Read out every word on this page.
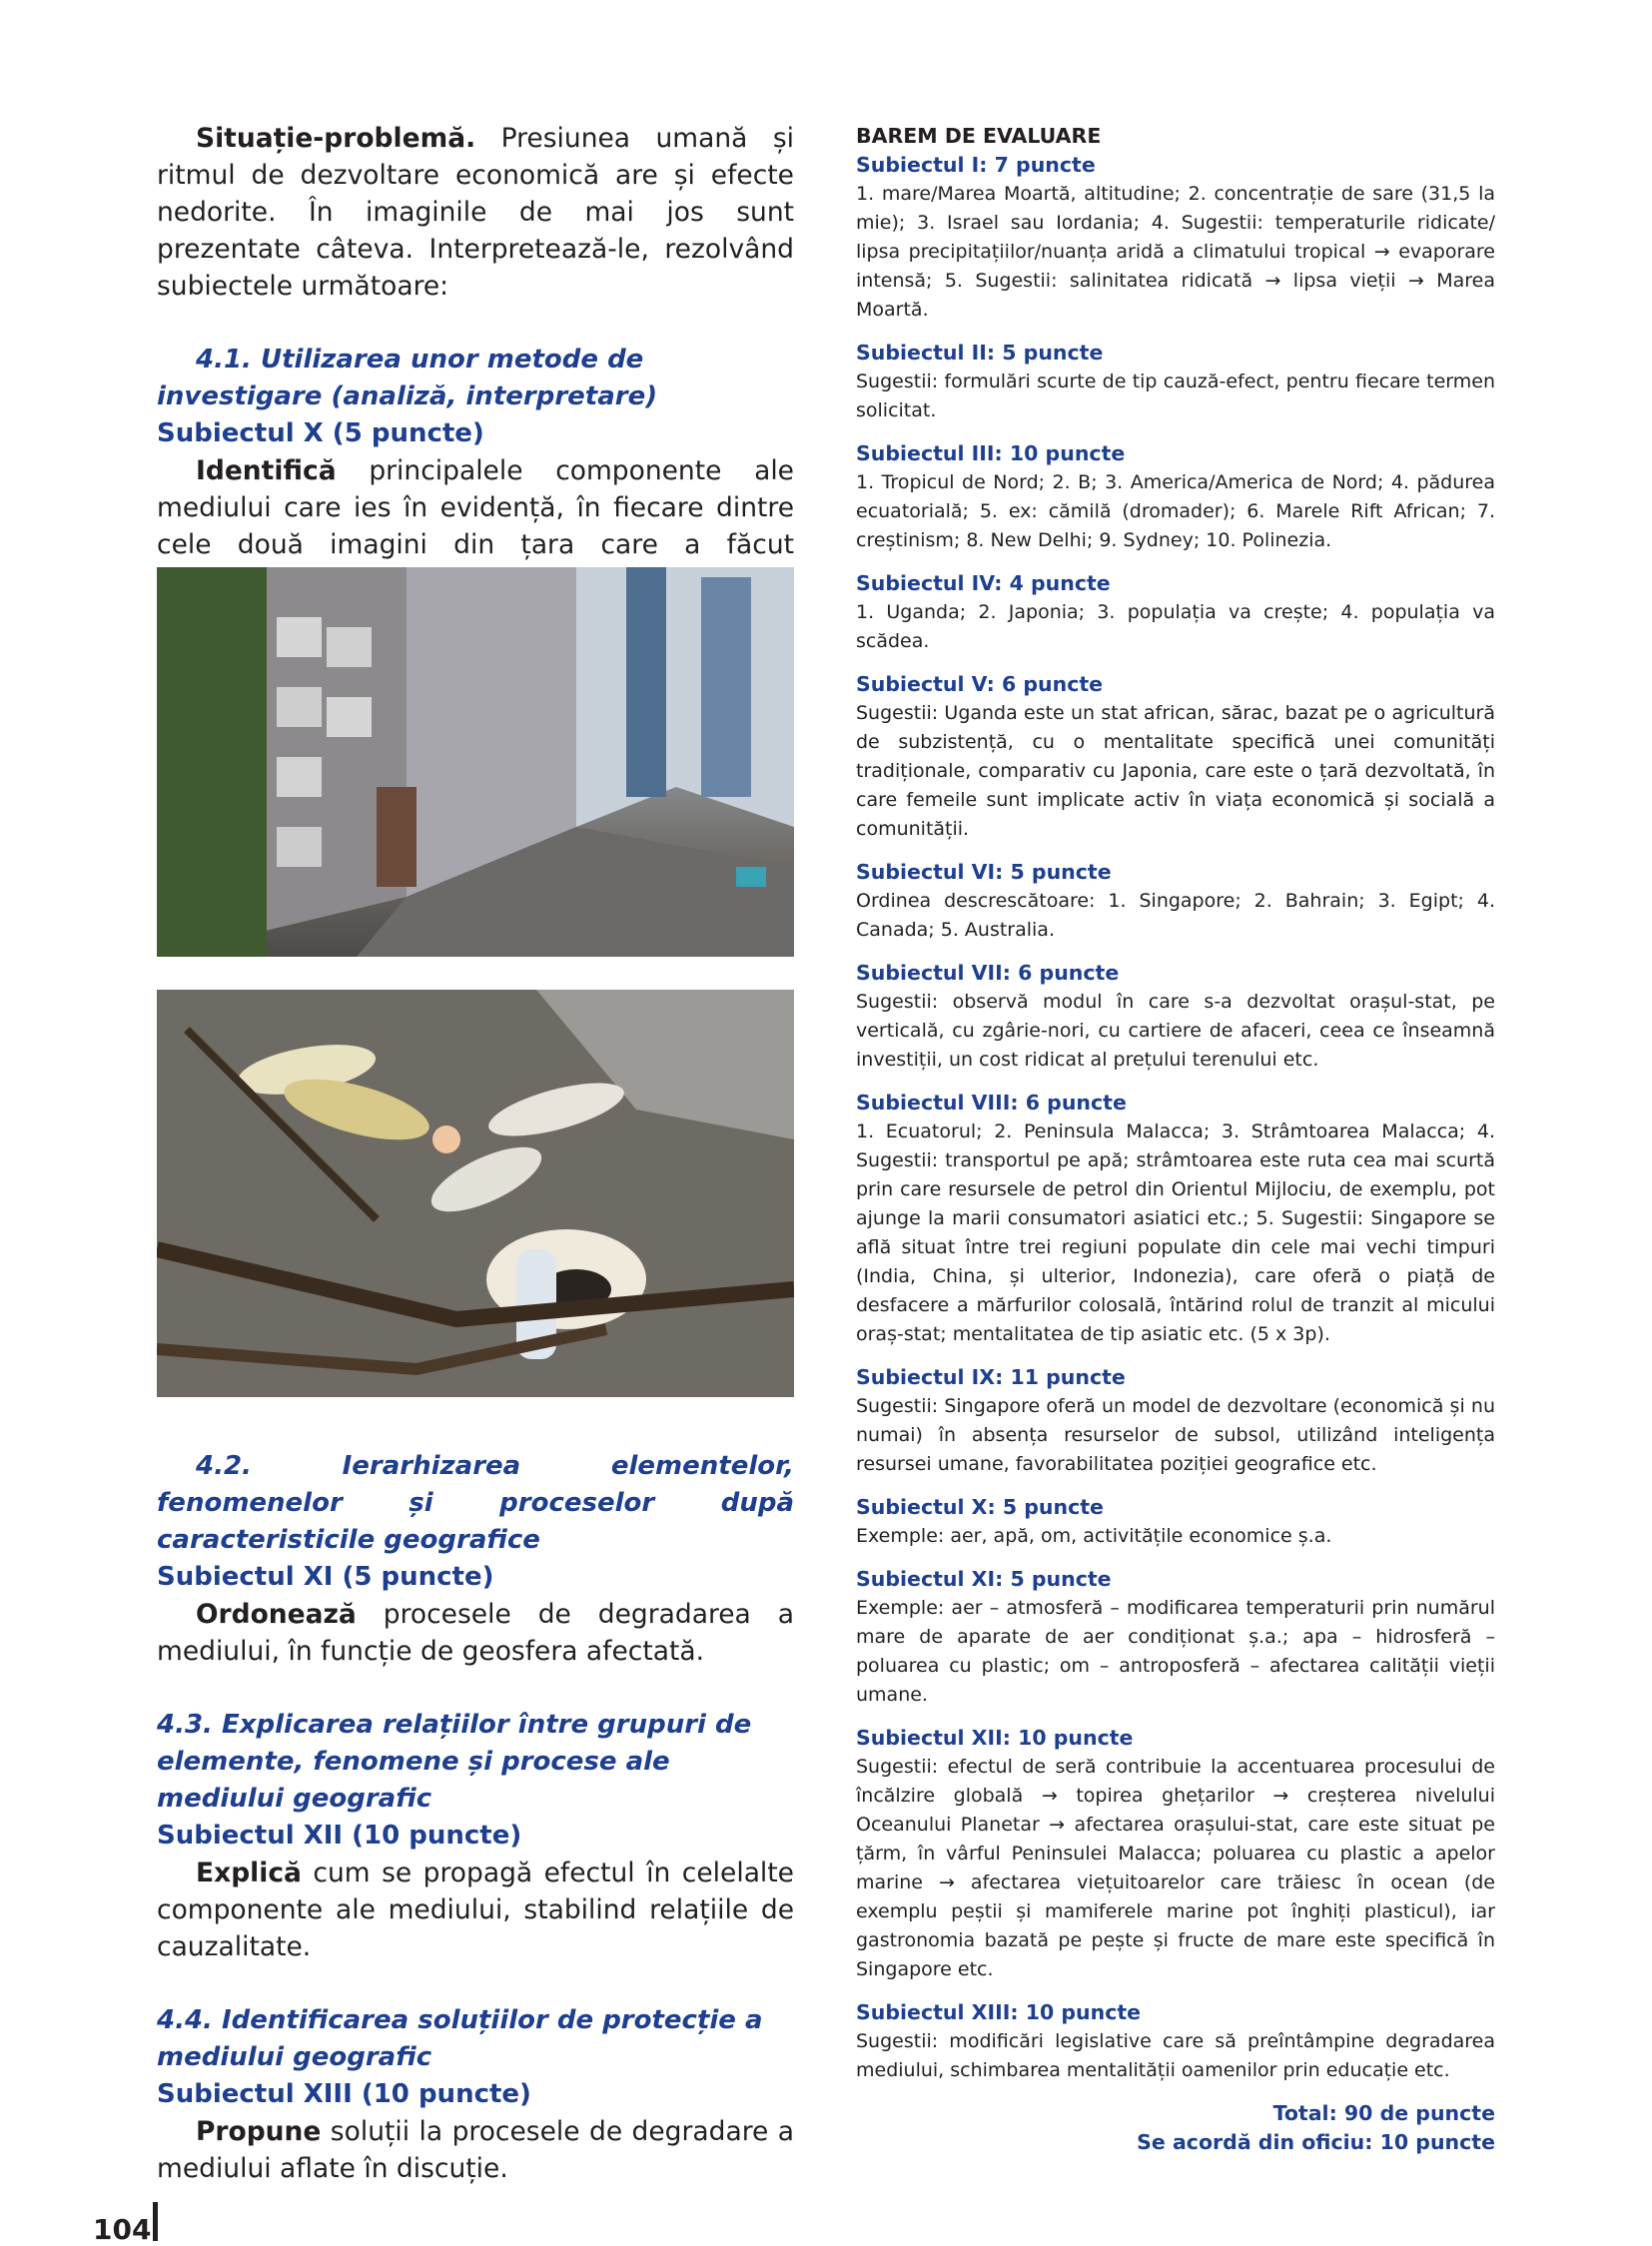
Situație-problemă. Presiunea umană și ritmul de dezvoltare economică are și efecte nedorite. În imaginile de mai jos sunt prezentate câteva. Interpretează-le, rezolvând subiectele următoare:

4.1. Utilizarea unor metode de investigare (analiză, interpretare)

Subiectul X (5 puncte)

Identifică principalele componente ale mediului care ies în evidență, în fiecare dintre cele două imagini din țara care a făcut

4.2. Ierarhizarea elementelor, fenomenelor și proceselor după caracteristicile geografice

Subiectul XI (5 puncte)

Ordonează procesele de degradarea a mediului, în funcție de geosfera afectată.

4.3. Explicarea relațiilor între grupuri de elemente, fenomene și procese ale mediului geografic

Subiectul XII (10 puncte)

Explică cum se propagă efectul în celelalte componente ale mediului, stabilind relațiile de cauzalitate.

4.4. Identificarea soluțiilor de protecție a mediului geografic

Subiectul XIII (10 puncte)

Propune soluții la procesele de degradare a mediului aflate în discuție.

BAREM DE EVALUARE

Subiectul I: 7 puncte

1. mare/Marea Moartă, altitudine; 2. concentrație de sare (31,5 la mie); 3. Israel sau Iordania; 4. Sugestii: temperaturile ridicate/ lipsa precipitațiilor/nuanța aridă a climatului tropical → evaporare intensă; 5. Sugestii: salinitatea ridicată → lipsa vieții → Marea Moartă.

Subiectul II: 5 puncte

Sugestii: formulări scurte de tip cauză-efect, pentru fiecare termen solicitat.

Subiectul III: 10 puncte

1. Tropicul de Nord; 2. B; 3. America/America de Nord; 4. pădurea ecuatorială; 5. ex: cămilă (dromader); 6. Marele Rift African; 7. creștinism; 8. New Delhi; 9. Sydney; 10. Polinezia.

Subiectul IV: 4 puncte

1. Uganda; 2. Japonia; 3. populația va crește; 4. populația va scădea.

Subiectul V: 6 puncte

Sugestii: Uganda este un stat african, sărac, bazat pe o agricultură de subzistență, cu o mentalitate specifică unei comunități tradiționale, comparativ cu Japonia, care este o țară dezvoltată, în care femeile sunt implicate activ în viața economică și socială a comunității.

Subiectul VI: 5 puncte

Ordinea descrescătoare: 1. Singapore; 2. Bahrain; 3. Egipt; 4. Canada; 5. Australia.

Subiectul VII: 6 puncte

Sugestii: observă modul în care s-a dezvoltat orașul-stat, pe verticală, cu zgârie-nori, cu cartiere de afaceri, ceea ce înseamnă investiții, un cost ridicat al prețului terenului etc.

Subiectul VIII: 6 puncte

1. Ecuatorul; 2. Peninsula Malacca; 3. Strâmtoarea Malacca; 4. Sugestii: transportul pe apă; strâmtoarea este ruta cea mai scurtă prin care resursele de petrol din Orientul Mijlociu, de exemplu, pot ajunge la marii consumatori asiatici etc.; 5. Sugestii: Singapore se află situat între trei regiuni populate din cele mai vechi timpuri (India, China, și ulterior, Indonezia), care oferă o piață de desfacere a mărfurilor colosală, întărind rolul de tranzit al micului oraș-stat; mentalitatea de tip asiatic etc. (5 x 3p).

Subiectul IX: 11 puncte

Sugestii: Singapore oferă un model de dezvoltare (economică și nu numai) în absența resurselor de subsol, utilizând inteligența resursei umane, favorabilitatea poziției geografice etc.

Subiectul X: 5 puncte

Exemple: aer, apă, om, activitățile economice ș.a.

Subiectul XI: 5 puncte

Exemple: aer – atmosferă – modificarea temperaturii prin numărul mare de aparate de aer condiționat ș.a.; apa – hidrosferă – poluarea cu plastic; om – antroposferă – afectarea calității vieții umane.

Subiectul XII: 10 puncte

Sugestii: efectul de seră contribuie la accentuarea procesului de încălzire globală → topirea ghețarilor → creșterea nivelului Oceanului Planetar → afectarea orașului-stat, care este situat pe țărm, în vârful Peninsulei Malacca; poluarea cu plastic a apelor marine → afectarea viețuitoarelor care trăiesc în ocean (de exemplu peștii și mamiferele marine pot înghiți plasticul), iar gastronomia bazată pe pește și fructe de mare este specifică în Singapore etc.

Subiectul XIII: 10 puncte

Sugestii: modificări legislative care să preîntâmpine degradarea mediului, schimbarea mentalității oamenilor prin educație etc.

Total: 90 de puncte

Se acordă din oficiu: 10 puncte

104
